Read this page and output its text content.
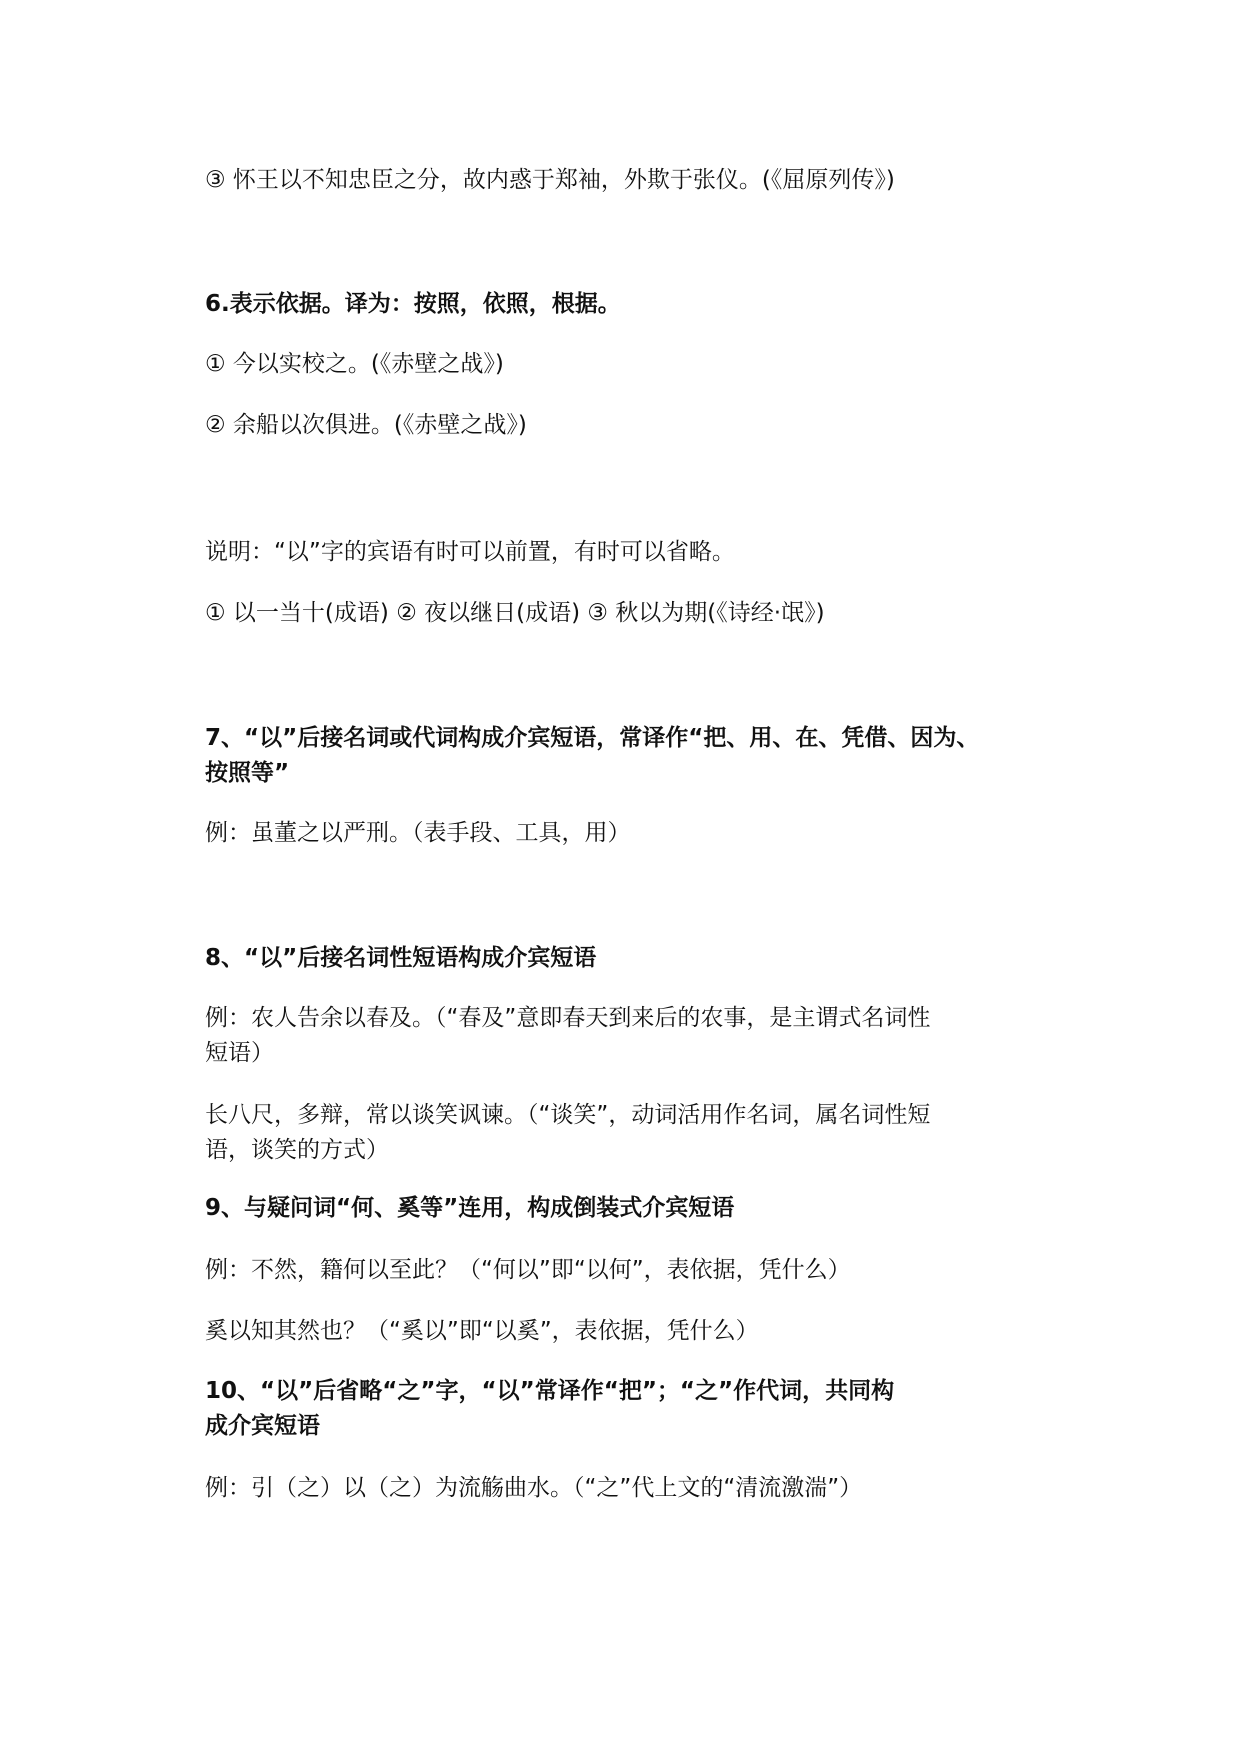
③ 怀王以不知忠臣之分，故内惑于郑袖，外欺于张仪。(《屈原列传》)
6.表示依据。译为：按照，依照，根据。
① 今以实校之。(《赤壁之战》)
② 余船以次俱进。(《赤壁之战》)
说明：“以”字的宾语有时可以前置，有时可以省略。
① 以一当十(成语) ② 夜以继日(成语) ③ 秋以为期(《诗经·氓》)
7、“以”后接名词或代词构成介宾短语，常译作“把、用、在、凭借、因为、
按照等”
例：虽董之以严刑。（表手段、工具，用）
8、“以”后接名词性短语构成介宾短语
例：农人告余以春及。（“春及”意即春天到来后的农事，是主谓式名词性
短语）
长八尺，多辩，常以谈笑讽谏。（“谈笑”，动词活用作名词，属名词性短
语，谈笑的方式）
9、与疑问词“何、奚等”连用，构成倒装式介宾短语
例：不然，籍何以至此？（“何以”即“以何”，表依据，凭什么）
奚以知其然也？（“奚以”即“以奚”，表依据，凭什么）
10、“以”后省略“之”字，“以”常译作“把”；“之”作代词，共同构
成介宾短语
例：引（之）以（之）为流觞曲水。（“之”代上文的“清流激湍”）
